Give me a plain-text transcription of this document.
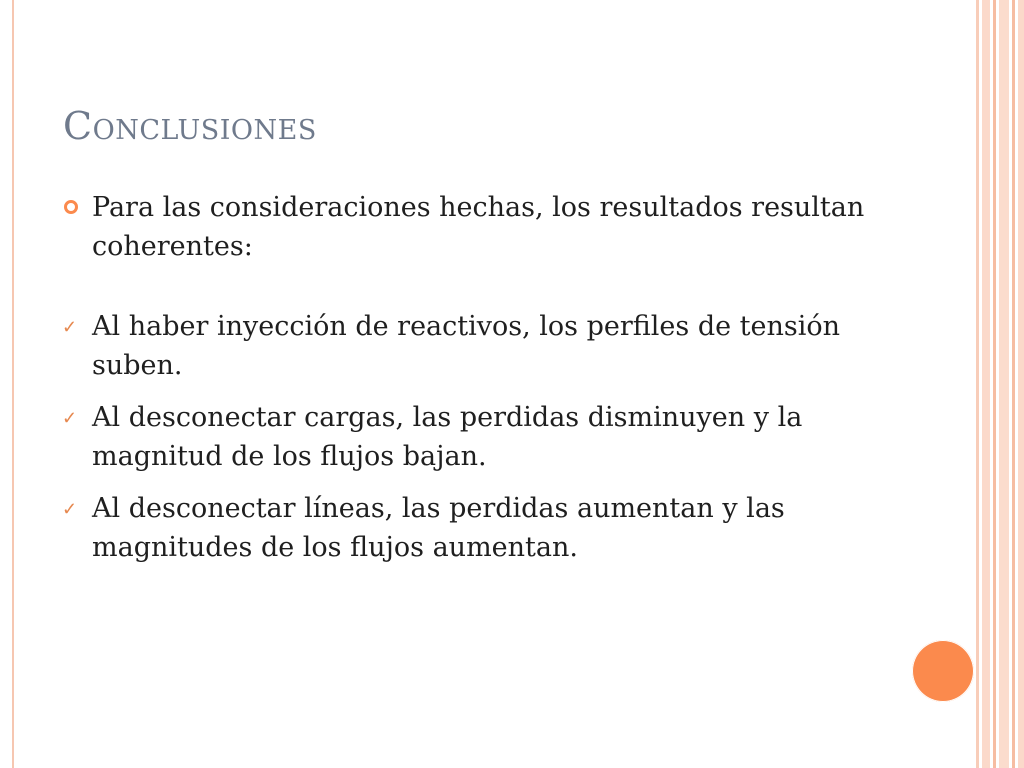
Conclusiones
Para las consideraciones hechas, los resultados resultan coherentes:
✓ Al haber inyección de reactivos, los perfiles de tensión suben.
✓ Al desconectar cargas, las perdidas disminuyen y la magnitud de los flujos bajan.
✓ Al desconectar líneas, las perdidas aumentan y las magnitudes de los flujos aumentan.
